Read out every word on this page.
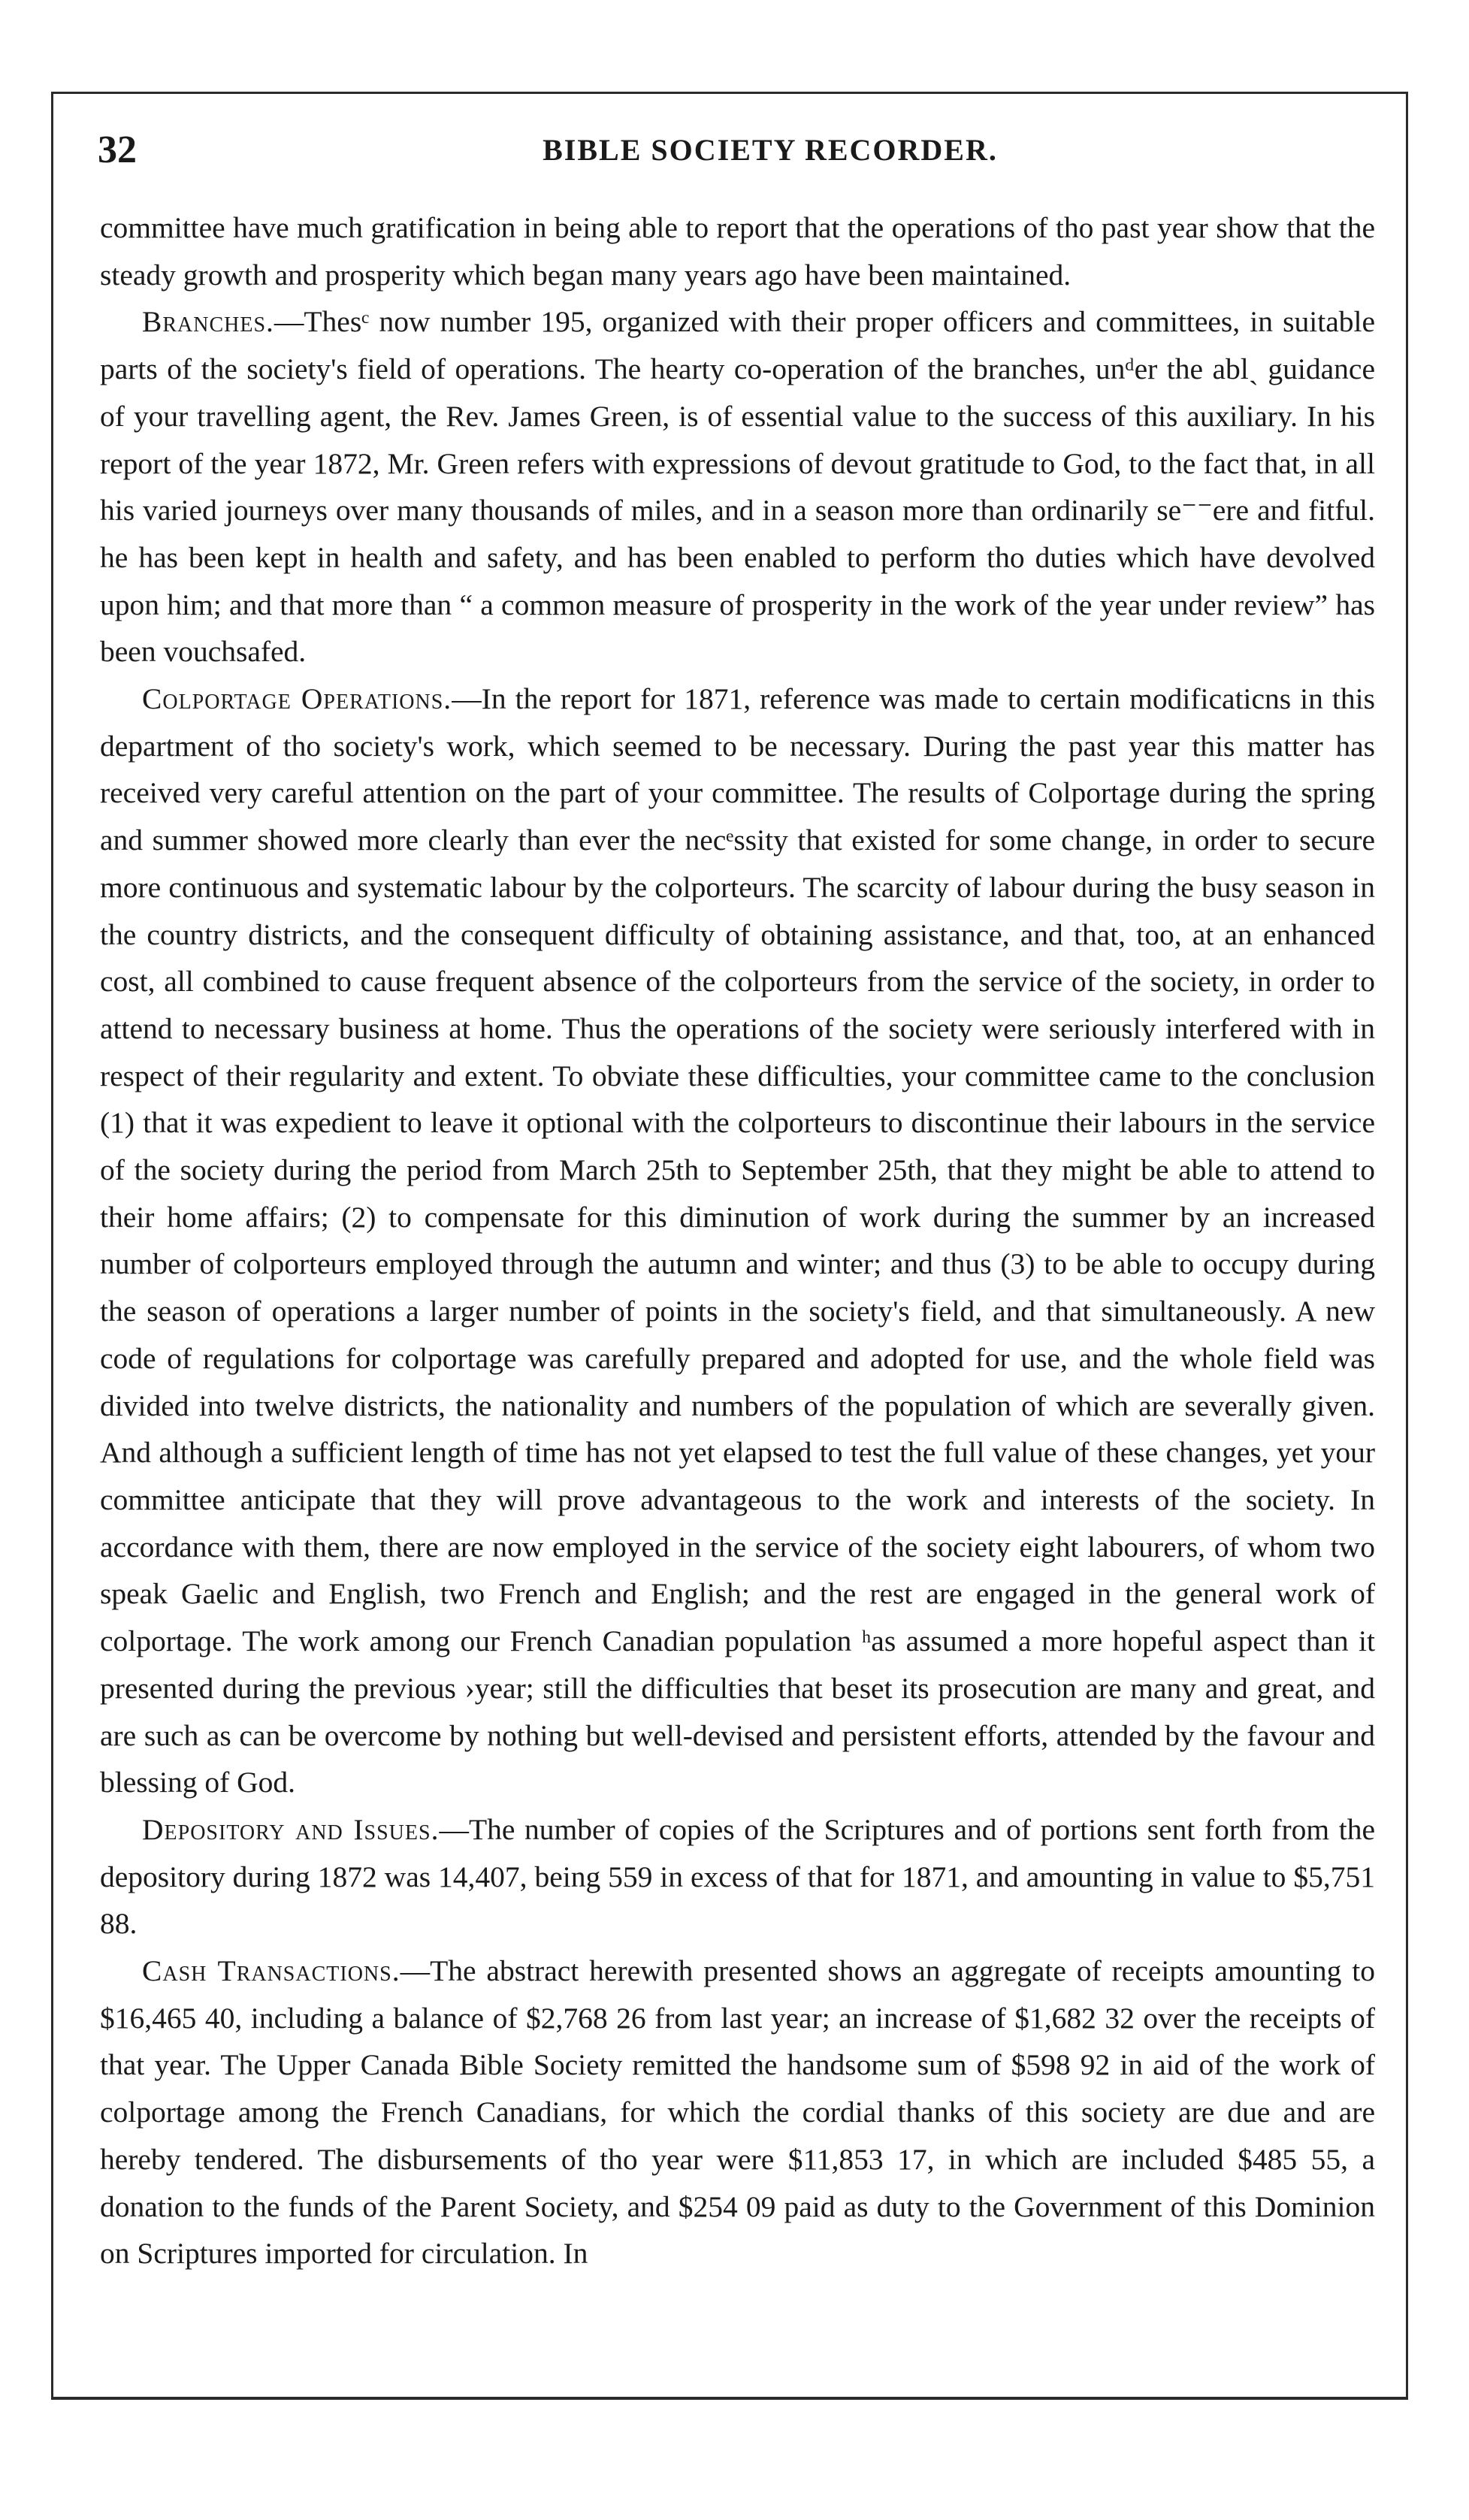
32	BIBLE SOCIETY RECORDER.

committee have much gratification in being able to report that the operations of tho past year show that the steady growth and prosperity which began many years ago have been maintained.

Branches.—Thesᶜ now number 195, organized with their proper officers and committees, in suitable parts of the society's field of operations. The hearty co-operation of the branches, unᵈer the ablˏ guidance of your travelling agent, the Rev. James Green, is of essential value to the success of this auxiliary. In his report of the year 1872, Mr. Green refers with expressions of devout gratitude to God, to the fact that, in all his varied journeys over many thousands of miles, and in a season more than ordinarily se⁻⁻ere and fitful. he has been kept in health and safety, and has been enabled to perform tho duties which have devolved upon him; and that more than “ a common measure of prosperity in the work of the year under review” has been vouchsafed.

Colportage Operations.—In the report for 1871, reference was made to certain modificaticns in this department of tho society's work, which seemed to be necessary. During the past year this matter has received very careful attention on the part of your committee. The results of Colportage during the spring and summer showed more clearly than ever the necᵉssity that existed for some change, in order to secure more continuous and systematic labour by the colporteurs. The scarcity of labour during the busy season in the country districts, and the consequent difficulty of obtaining assistance, and that, too, at an enhanced cost, all combined to cause frequent absence of the colporteurs from the service of the society, in order to attend to necessary business at home. Thus the operations of the society were seriously interfered with in respect of their regularity and extent. To obviate these difficulties, your committee came to the conclusion (1) that it was expedient to leave it optional with the colporteurs to discontinue their labours in the service of the society during the period from March 25th to September 25th, that they might be able to attend to their home affairs; (2) to compensate for this diminution of work during the summer by an increased number of colporteurs employed through the autumn and winter; and thus (3) to be able to occupy during the season of operations a larger number of points in the society's field, and that simultaneously. A new code of reɡulations for colportage was carefully prepared and adopted for use, and the whole field was divided into twelve districts, the nationality and numbers of the population of which are severally given. And although a sufficient length of time has not yet elapsed to test the full value of these changes, yet your committee anticipate that they will prove advantageous to the work and interests of the society. In accordance with them, there are now employed in the service of the society eight labourers, of whom two speak Gaelic and English, two French and English; and the rest are engaged in the general work of colportaɡe. The work among our French Canadian population ʰas assumed a more hopeful aspect than it presented during the previous ›year; still the difficulties that beset its prosecution are many and great, and are such as can be overcome by nothing but well-devised and persistent efforts, attended by the favour and blessing of God.

Depository and Issues.—The number of copies of the Scriptures and of portions sent forth from the depository during 1872 was 14,407, being 559 in excess of that for 1871, and amounting in value to $5,751 88.

Cash Transactions.—The abstract herewith presented shows an aggregate of receipts amounting to $16,465 40, including a balance of $2,768 26 from last year; an increase of $1,682 32 over the receipts of that year. The Upper Canada Bible Society remitted the handsome sum of $598 92 in aid of the work of colportage among the French Canadians, for which the cordial thanks of this society are due and are hereby tendered. The disbursements of tho year were $11,853 17, in which are included $485 55, a donation to the funds of the Parent Society, and $254 09 paid as duty to the Government of this Dominion on Scriptures imported for circulation. In
